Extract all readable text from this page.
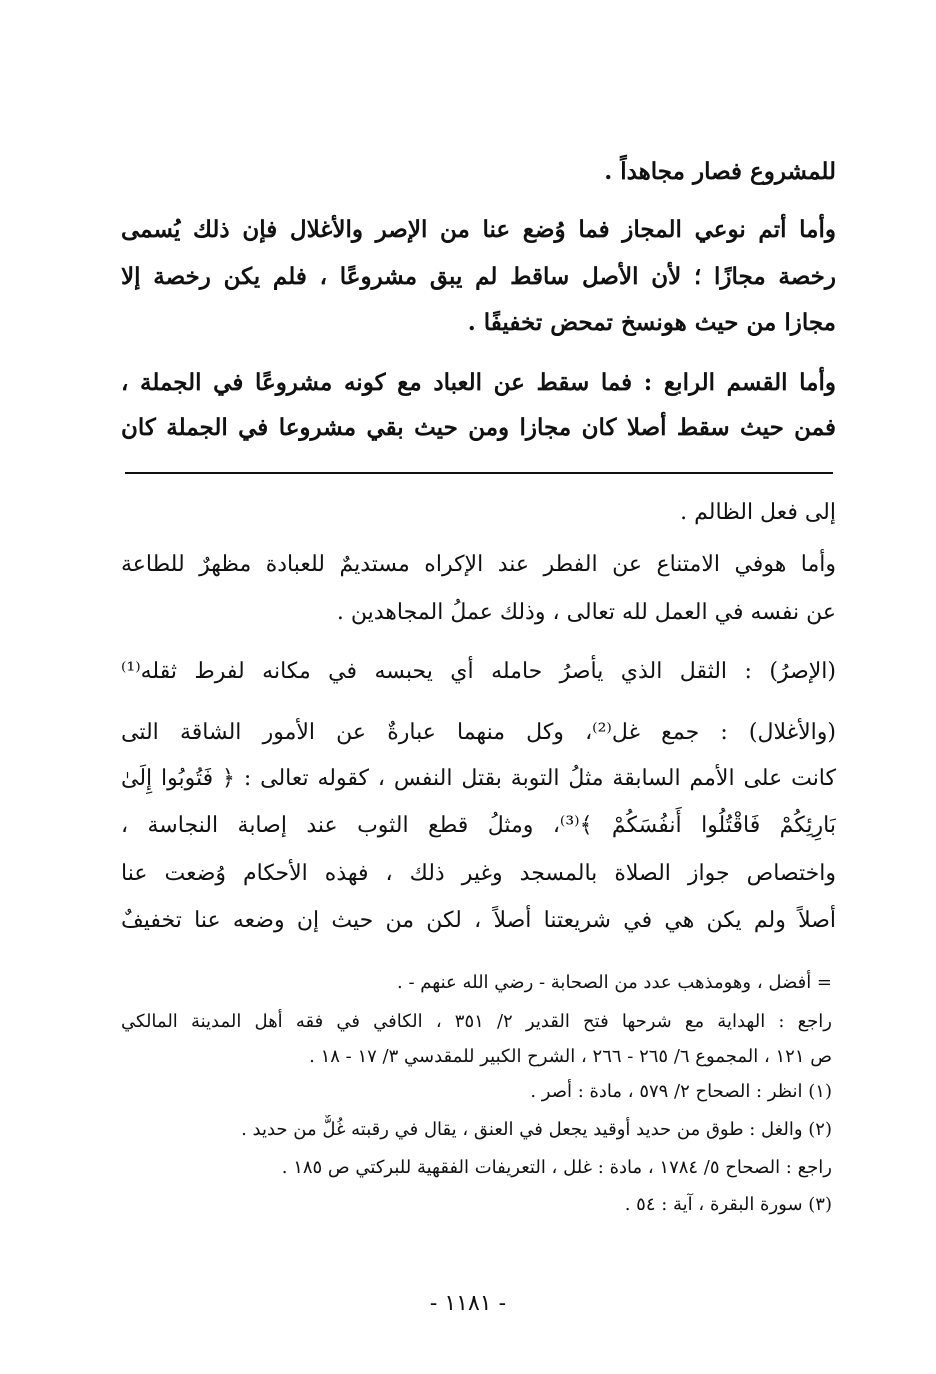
للمشروع فصار مجاهداً .
وأما أتم نوعي المجاز فما وُضع عنا من الإصر والأغلال فإن ذلك يُسمى
رخصة مجازًا ؛ لأن الأصل ساقط لم يبق مشروعًا ، فلم يكن رخصة إلا
مجازا من حيث هونسخ تمحض تخفيفًا .
وأما القسم الرابع : فما سقط عن العباد مع كونه مشروعًا في الجملة ،
فمن حيث سقط أصلا كان مجازا ومن حيث بقي مشروعا في الجملة كان
إلى فعل الظالم .
وأما هوفي الامتناع عن الفطر عند الإكراه مستديمٌ للعبادة مظهرٌ للطاعة
عن نفسه في العمل لله تعالى ، وذلك عملُ المجاهدين .
(الإصرُ) : الثقل الذي يأصرُ حامله أي يحبسه في مكانه لفرط ثقله⁽¹⁾
(والأغلال) : جمع غل⁽²⁾، وكل منهما عبارةٌ عن الأمور الشاقة التى
كانت على الأمم السابقة مثلُ التوبة بقتل النفس ، كقوله تعالى : ﴿ فَتُوبُوا إِلَىٰ
بَارِئِكُمْ فَاقْتُلُوا أَنفُسَكُمْ ﴾⁽³⁾، ومثلُ قطع الثوب عند إصابة النجاسة ،
واختصاص جواز الصلاة بالمسجد وغير ذلك ، فهذه الأحكام وُضعت عنا
أصلاً ولم يكن هي في شريعتنا أصلاً ، لكن من حيث إن وضعه عنا تخفيفٌ
= أفضل ، وهومذهب عدد من الصحابة - رضي الله عنهم - .
راجع : الهداية مع شرحها فتح القدير ٢/ ٣٥١ ، الكافي في فقه أهل المدينة المالكي
ص ١٢١ ، المجموع ٦/ ٢٦٥ - ٢٦٦ ، الشرح الكبير للمقدسي ٣/ ١٧ - ١٨ .
(١) انظر : الصحاح ٢/ ٥٧٩ ، مادة : أصر .
(٢) والغل : طوق من حديد أوقيد يجعل في العنق ، يقال في رقبته غُلٌّ من حديد .
راجع : الصحاح ٥/ ١٧٨٤ ، مادة : غلل ، التعريفات الفقهية للبركتي ص ١٨٥ .
(٣) سورة البقرة ، آية : ٥٤ .
- ١١٨١ -
